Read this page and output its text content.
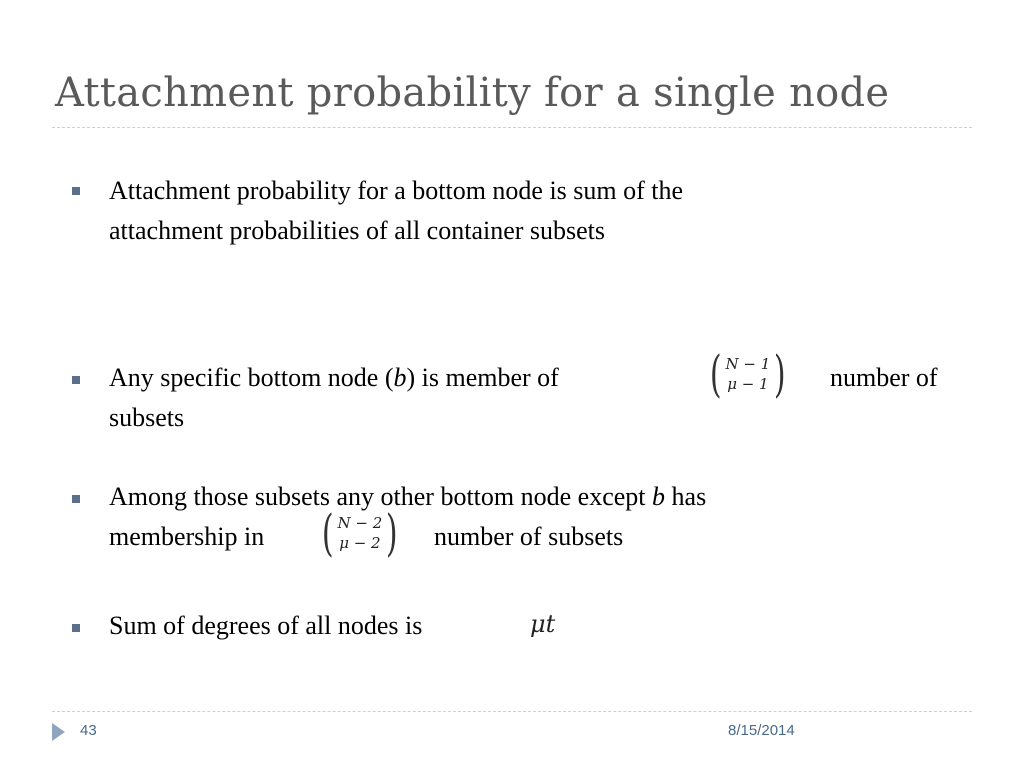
Attachment probability for a single node
Attachment probability for a bottom node is sum of the
attachment probabilities of all container subsets
Any specific bottom node (b) is member of	( N − 1
μ − 1 ) number of
subsets
Among those subsets any other bottom node except b has
membership in ( N − 2
μ − 2 ) number of subsets
Sum of degrees of all nodes is	μt
43	8/15/2014
